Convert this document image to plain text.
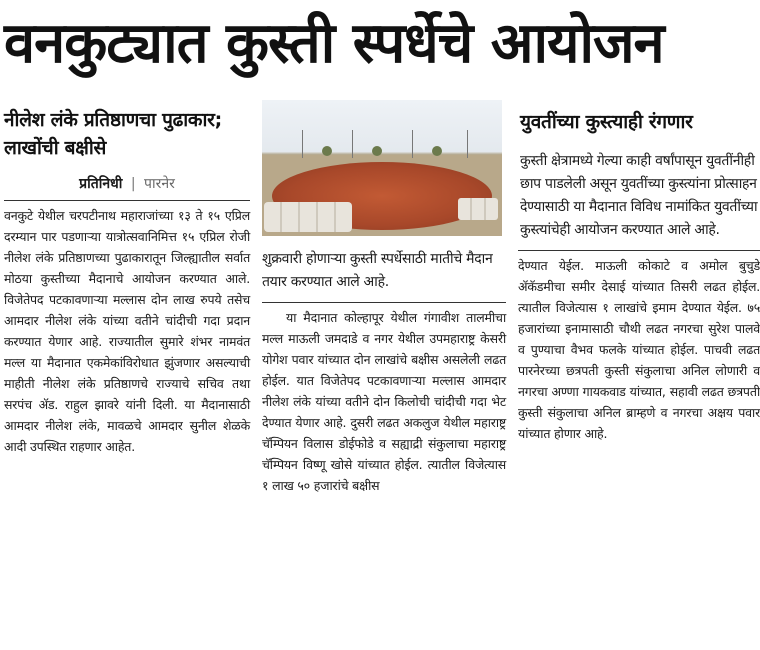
वनकुट्यात कुस्ती स्पर्धेचे आयोजन
नीलेश लंके प्रतिष्ठाणचा पुढाकार; लाखोंची बक्षीसे
प्रतिनिधी | पारनेर

वनकुटे येथील चरपटीनाथ महाराजांच्या १३ ते १५ एप्रिल दरम्यान पार पडणाऱ्या यात्रोत्सवानिमित्त १५ एप्रिल रोजी नीलेश लंके प्रतिष्ठाणच्या पुढाकारातून जिल्ह्यातील सर्वात मोठया कुस्तीच्या मैदानाचे आयोजन करण्यात आले. विजेतेपद पटकावणाऱ्या मल्लास दोन लाख रुपये तसेच आमदार नीलेश लंके यांच्या वतीने चांदीची गदा प्रदान करण्यात येणार आहे. राज्यातील सुमारे शंभर नामवंत मल्ल या मैदानात एकमेकांविरोधात झुंजणार असल्याची माहीती नीलेश लंके प्रतिष्ठाणचे राज्याचे सचिव तथा सरपंच ॲड. राहुल झावरे यांनी दिली. या मैदानासाठी आमदार नीलेश लंके, मावळचे आमदार सुनील शेळके आदी उपस्थित राहणार आहेत.

शुक्रवारी होणाऱ्या कुस्ती स्पर्धेसाठी मातीचे मैदान तयार करण्यात आले आहे.

या मैदानात कोल्हापूर येथील गंगावीश तालमीचा मल्ल माऊली जमदाडे व नगर येथील उपमहाराष्ट्र केसरी योगेश पवार यांच्यात दोन लाखांचे बक्षीस असलेली लढत होईल. यात विजेतेपद पटकावणाऱ्या मल्लास आमदार नीलेश लंके यांच्या वतीने दोन किलोची चांदीची गदा भेट देण्यात येणार आहे. दुसरी लढत अकलुज येथील महाराष्ट्र चॅम्पियन विलास डोईफोडे व सह्याद्री संकुलाचा महाराष्ट्र चॅम्पियन विष्णू खोसे यांच्यात होईल. त्यातील विजेत्यास १ लाख ५० हजारांचे बक्षीस

युवतींच्या कुस्त्याही रंगणार

कुस्ती क्षेत्रामध्ये गेल्या काही वर्षांपासून युवतींनीही छाप पाडलेली असून युवतींच्या कुस्त्यांना प्रोत्साहन देण्यासाठी या मैदानात विविध नामांकित युवतींच्या कुस्त्यांचेही आयोजन करण्यात आले आहे.

देण्यात येईल. माऊली कोकाटे व अमोल बुचुडे ॲकॅडमीचा समीर देसाई यांच्यात तिसरी लढत होईल. त्यातील विजेत्यास १ लाखांचे इमाम देण्यात येईल. ७५ हजारांच्या इनामासाठी चौथी लढत नगरचा सुरेश पालवे व पुण्याचा वैभव फलके यांच्यात होईल. पाचवी लढत पारनेरच्या छत्रपती कुस्ती संकुलाचा अनिल लोणारी व नगरचा अण्णा गायकवाड यांच्यात, सहावी लढत छत्रपती कुस्ती संकुलाचा अनिल ब्राम्हणे व नगरचा अक्षय पवार यांच्यात होणार आहे.
